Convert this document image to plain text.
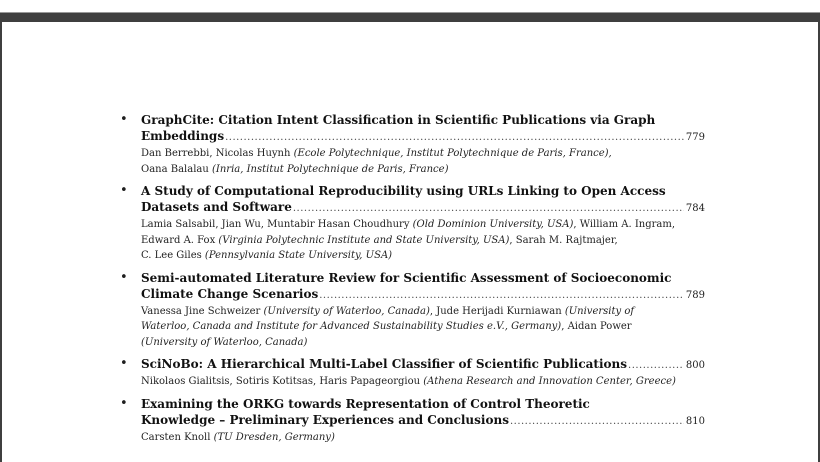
• GraphCite: Citation Intent Classification in Scientific Publications via Graph
Embeddings .....	779
Dan Berrebbi, Nicolas Huynh (Ecole Polytechnique, Institut Polytechnique de Paris, France),
Oana Balalau (Inria, Institut Polytechnique de Paris, France)
• A Study of Computational Reproducibility using URLs Linking to Open Access
Datasets and Software .....	784
Lamia Salsabil, Jian Wu, Muntabir Hasan Choudhury (Old Dominion University, USA), William A. Ingram,
Edward A. Fox (Virginia Polytechnic Institute and State University, USA), Sarah M. Rajtmajer,
C. Lee Giles (Pennsylvania State University, USA)
• Semi-automated Literature Review for Scientific Assessment of Socioeconomic
Climate Change Scenarios .....	789
Vanessa Jine Schweizer (University of Waterloo, Canada), Jude Herijadi Kurniawan (University of
Waterloo, Canada and Institute for Advanced Sustainability Studies e.V., Germany), Aidan Power
(University of Waterloo, Canada)
• SciNoBo: A Hierarchical Multi-Label Classifier of Scientific Publications .....	800
Nikolaos Gialitsis, Sotiris Kotitsas, Haris Papageorgiou (Athena Research and Innovation Center, Greece)
• Examining the ORKG towards Representation of Control Theoretic
Knowledge – Preliminary Experiences and Conclusions .....	810
Carsten Knoll (TU Dresden, Germany)
